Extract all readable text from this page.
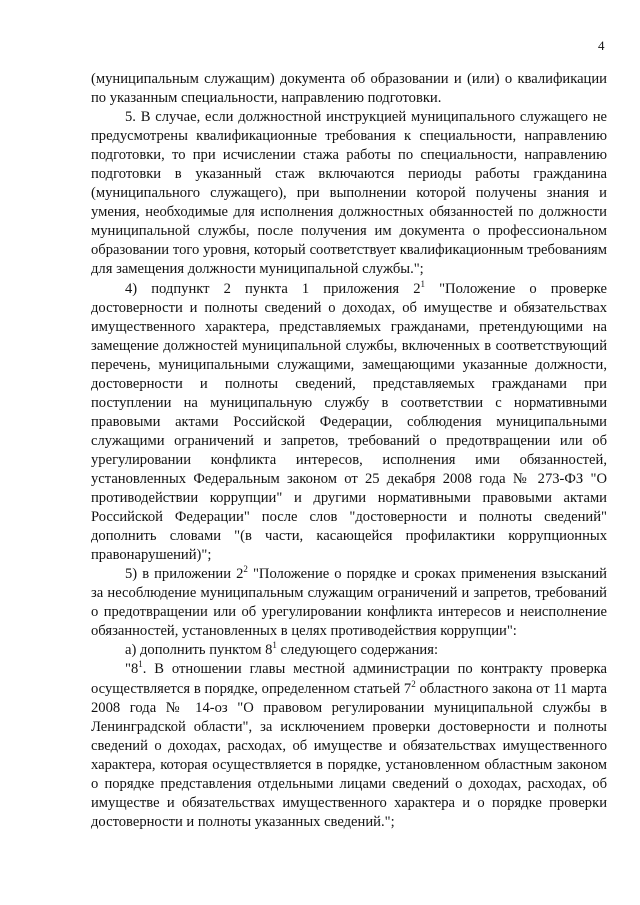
4

(муниципальным служащим) документа об образовании и (или) о квалификации по указанным специальности, направлению подготовки.

5. В случае, если должностной инструкцией муниципального служащего не предусмотрены квалификационные требования к специальности, направлению подготовки, то при исчислении стажа работы по специальности, направлению подготовки в указанный стаж включаются периоды работы гражданина (муниципального служащего), при выполнении которой получены знания и умения, необходимые для исполнения должностных обязанностей по должности муниципальной службы, после получения им документа о профессиональном образовании того уровня, который соответствует квалификационным требованиям для замещения должности муниципальной службы.";

4) подпункт 2 пункта 1 приложения $2^1$ "Положение о проверке достоверности и полноты сведений о доходах, об имуществе и обязательствах имущественного характера, представляемых гражданами, претендующими на замещение должностей муниципальной службы, включенных в соответствующий перечень, муниципальными служащими, замещающими указанные должности, достоверности и полноты сведений, представляемых гражданами при поступлении на муниципальную службу в соответствии с нормативными правовыми актами Российской Федерации, соблюдения муниципальными служащими ограничений и запретов, требований о предотвращении или об урегулировании конфликта интересов, исполнения ими обязанностей, установленных Федеральным законом от 25 декабря 2008 года № 273-ФЗ "О противодействии коррупции" и другими нормативными правовыми актами Российской Федерации" после слов "достоверности и полноты сведений" дополнить словами "(в части, касающейся профилактики коррупционных правонарушений)";

5) в приложении $2^2$ "Положение о порядке и сроках применения взысканий за несоблюдение муниципальным служащим ограничений и запретов, требований о предотвращении или об урегулировании конфликта интересов и неисполнение обязанностей, установленных в целях противодействия коррупции":

а) дополнить пунктом $8^1$ следующего содержания:

"$8^1$. В отношении главы местной администрации по контракту проверка осуществляется в порядке, определенном статьей $7^2$ областного закона от 11 марта 2008 года № 14-оз "О правовом регулировании муниципальной службы в Ленинградской области", за исключением проверки достоверности и полноты сведений о доходах, расходах, об имуществе и обязательствах имущественного характера, которая осуществляется в порядке, установленном областным законом о порядке представления отдельными лицами сведений о доходах, расходах, об имуществе и обязательствах имущественного характера и о порядке проверки достоверности и полноты указанных сведений.";
